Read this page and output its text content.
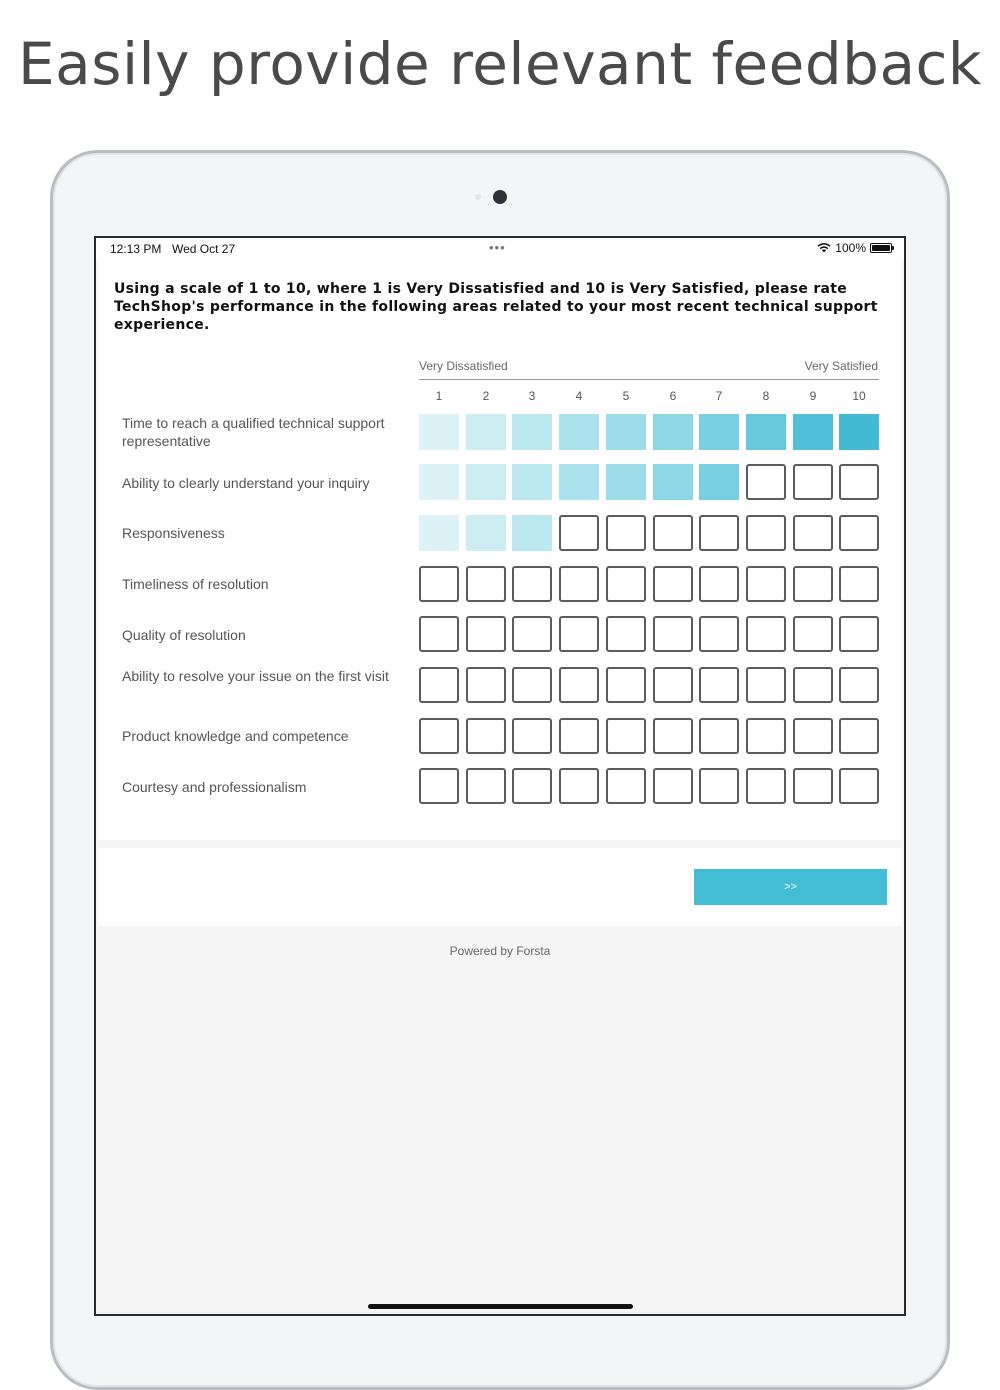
Easily provide relevant feedback
12:13 PM Wed Oct 27	•••	100%
Using a scale of 1 to 10, where 1 is Very Dissatisfied and 10 is Very Satisfied, please rate TechShop's performance in the following areas related to your most recent technical support experience.
Very Dissatisfied	Very Satisfied
1	2	3	4	5	6	7	8	9	10
Time to reach a qualified technical support representative
Ability to clearly understand your inquiry
Responsiveness
Timeliness of resolution
Quality of resolution
Ability to resolve your issue on the first visit
Product knowledge and competence
Courtesy and professionalism
>>
Powered by Forsta
